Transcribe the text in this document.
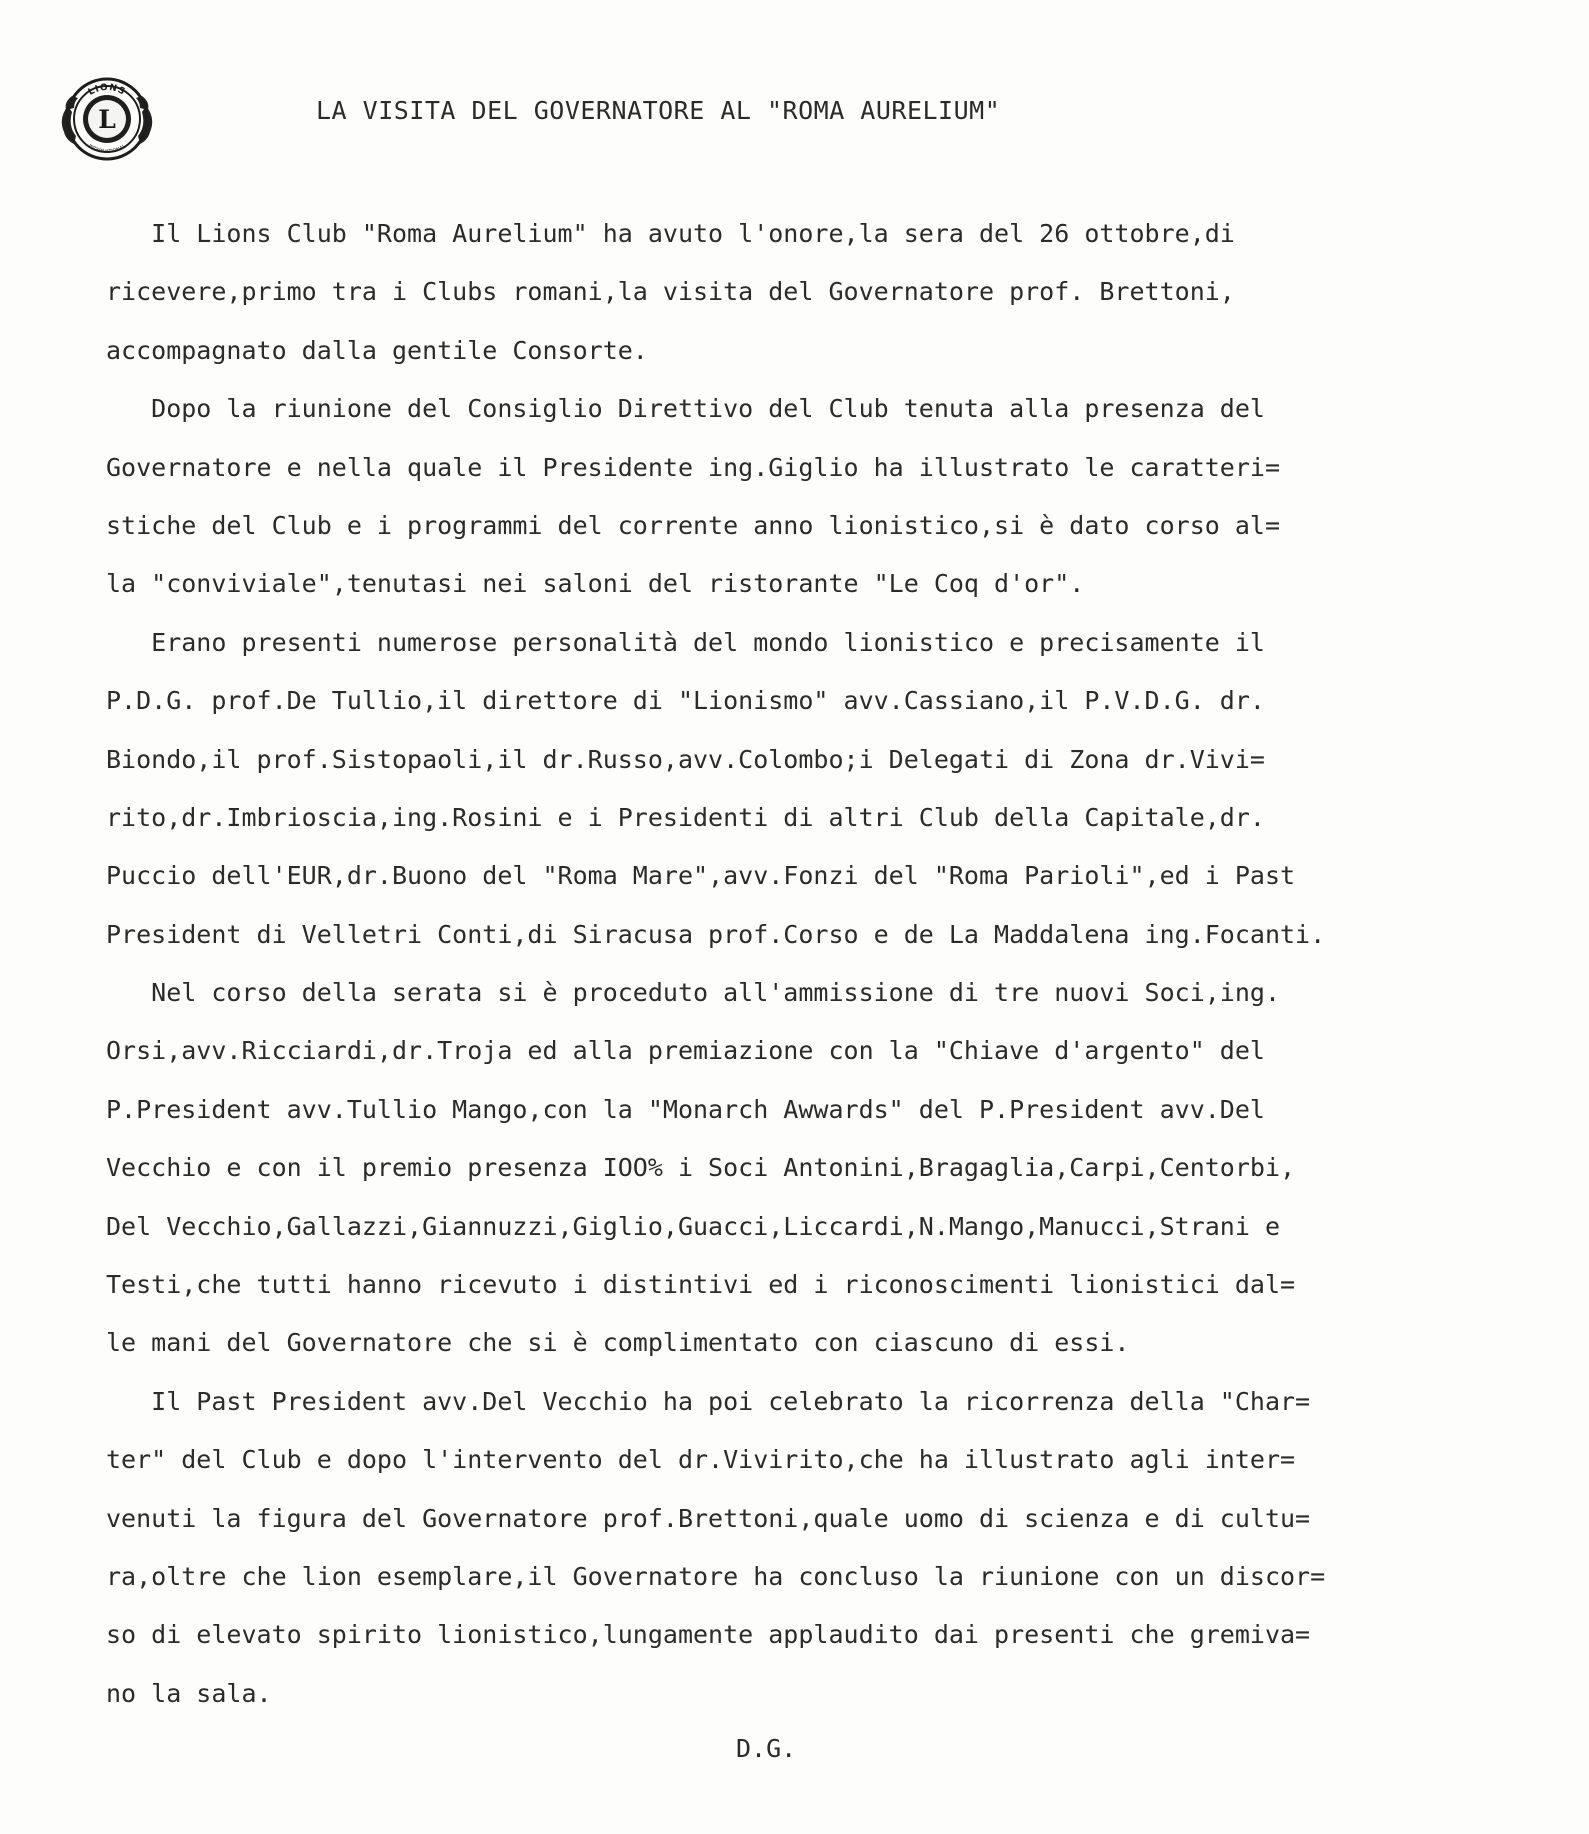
L
LIONS
INTERNATIONAL
LA VISITA DEL GOVERNATORE AL "ROMA AURELIUM"
Il Lions Club "Roma Aurelium" ha avuto l'onore,la sera del 26 ottobre,di
ricevere,primo tra i Clubs romani,la visita del Governatore prof. Brettoni,
accompagnato dalla gentile Consorte.
Dopo la riunione del Consiglio Direttivo del Club tenuta alla presenza del
Governatore e nella quale il Presidente ing.Giglio ha illustrato le caratteri=
stiche del Club e i programmi del corrente anno lionistico,si è dato corso al=
la "conviviale",tenutasi nei saloni del ristorante "Le Coq d'or".
Erano presenti numerose personalità del mondo lionistico e precisamente il
P.D.G. prof.De Tullio,il direttore di "Lionismo" avv.Cassiano,il P.V.D.G. dr.
Biondo,il prof.Sistopaoli,il dr.Russo,avv.Colombo;i Delegati di Zona dr.Vivi=
rito,dr.Imbrioscia,ing.Rosini e i Presidenti di altri Club della Capitale,dr.
Puccio dell'EUR,dr.Buono del "Roma Mare",avv.Fonzi del "Roma Parioli",ed i Past
President di Velletri Conti,di Siracusa prof.Corso e de La Maddalena ing.Focanti.
Nel corso della serata si è proceduto all'ammissione di tre nuovi Soci,ing.
Orsi,avv.Ricciardi,dr.Troja ed alla premiazione con la "Chiave d'argento" del
P.President avv.Tullio Mango,con la "Monarch Awwards" del P.President avv.Del
Vecchio e con il premio presenza IOO% i Soci Antonini,Bragaglia,Carpi,Centorbi,
Del Vecchio,Gallazzi,Giannuzzi,Giglio,Guacci,Liccardi,N.Mango,Manucci,Strani e
Testi,che tutti hanno ricevuto i distintivi ed i riconoscimenti lionistici dal=
le mani del Governatore che si è complimentato con ciascuno di essi.
Il Past President avv.Del Vecchio ha poi celebrato la ricorrenza della "Char=
ter" del Club e dopo l'intervento del dr.Vivirito,che ha illustrato agli inter=
venuti la figura del Governatore prof.Brettoni,quale uomo di scienza e di cultu=
ra,oltre che lion esemplare,il Governatore ha concluso la riunione con un discor=
so di elevato spirito lionistico,lungamente applaudito dai presenti che gremiva=
no la sala.
D.G.
